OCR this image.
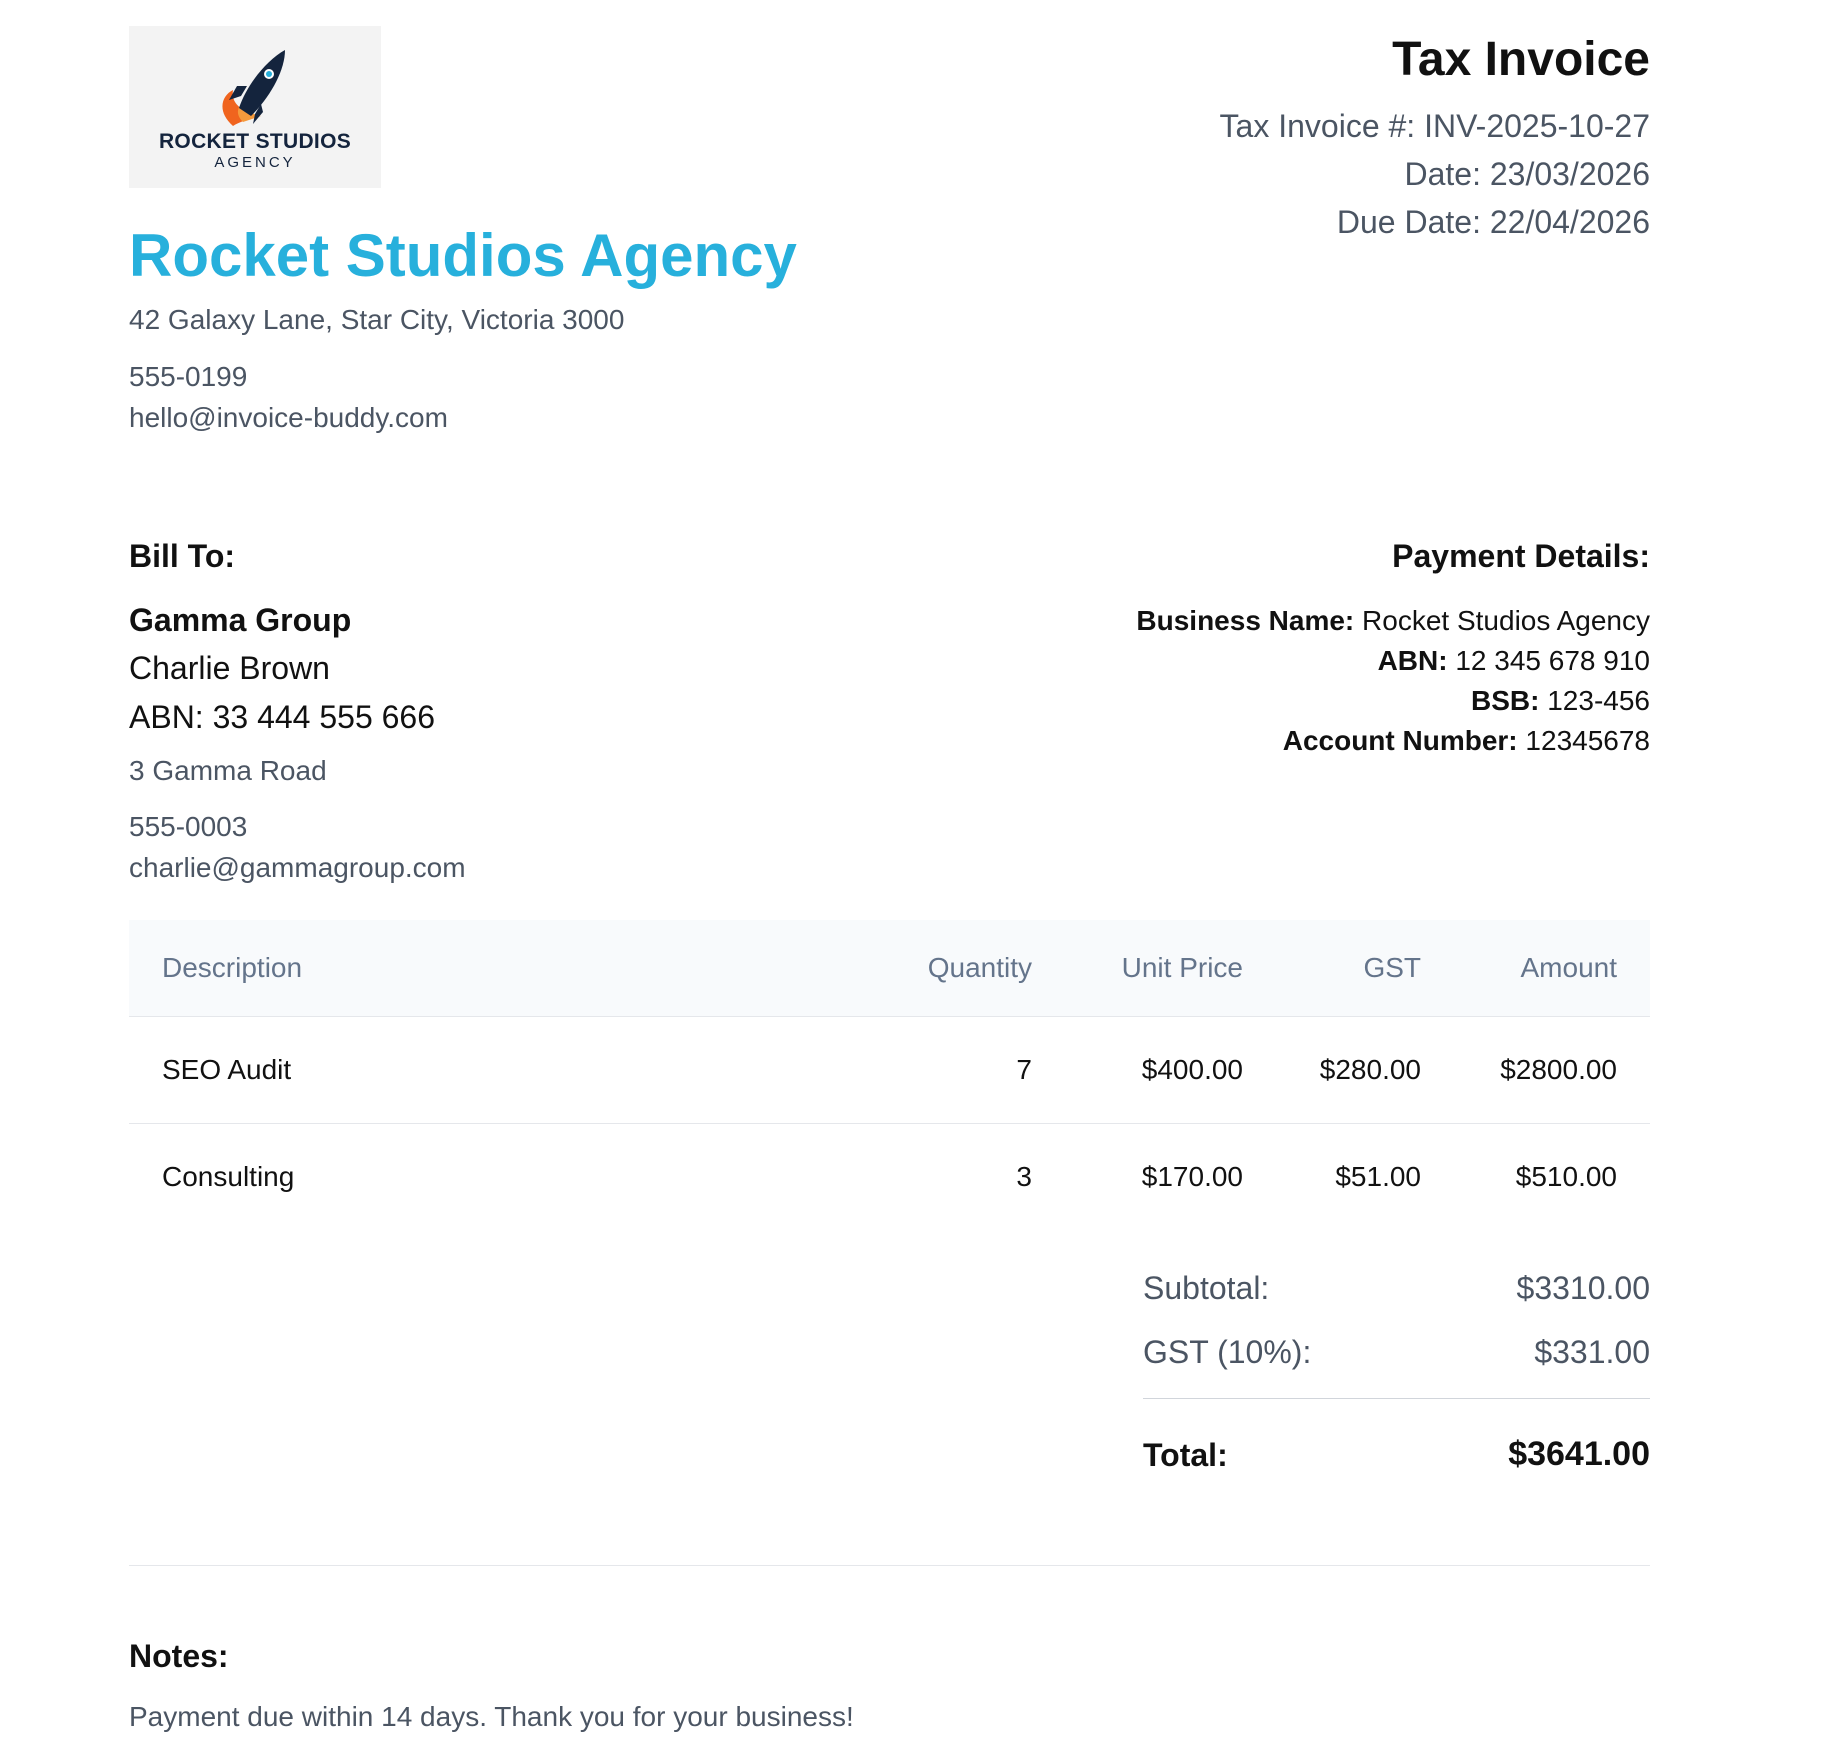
ROCKET STUDIOS
AGENCY
Rocket Studios Agency
42 Galaxy Lane, Star City, Victoria 3000
555-0199
hello@invoice-buddy.com
Tax Invoice
Tax Invoice #: INV-2025-10-27
Date: 23/03/2026
Due Date: 22/04/2026
Bill To:
Gamma Group
Charlie Brown
ABN: 33 444 555 666
3 Gamma Road
555-0003
charlie@gammagroup.com
Payment Details:
Business Name: Rocket Studios Agency
ABN: 12 345 678 910
BSB: 123-456
Account Number: 12345678
Description	Quantity	Unit Price	GST	Amount
SEO Audit	7	$400.00	$280.00	$2800.00
Consulting	3	$170.00	$51.00	$510.00
Subtotal:	$3310.00
GST (10%):	$331.00
Total:	$3641.00
Notes:
Payment due within 14 days. Thank you for your business!
